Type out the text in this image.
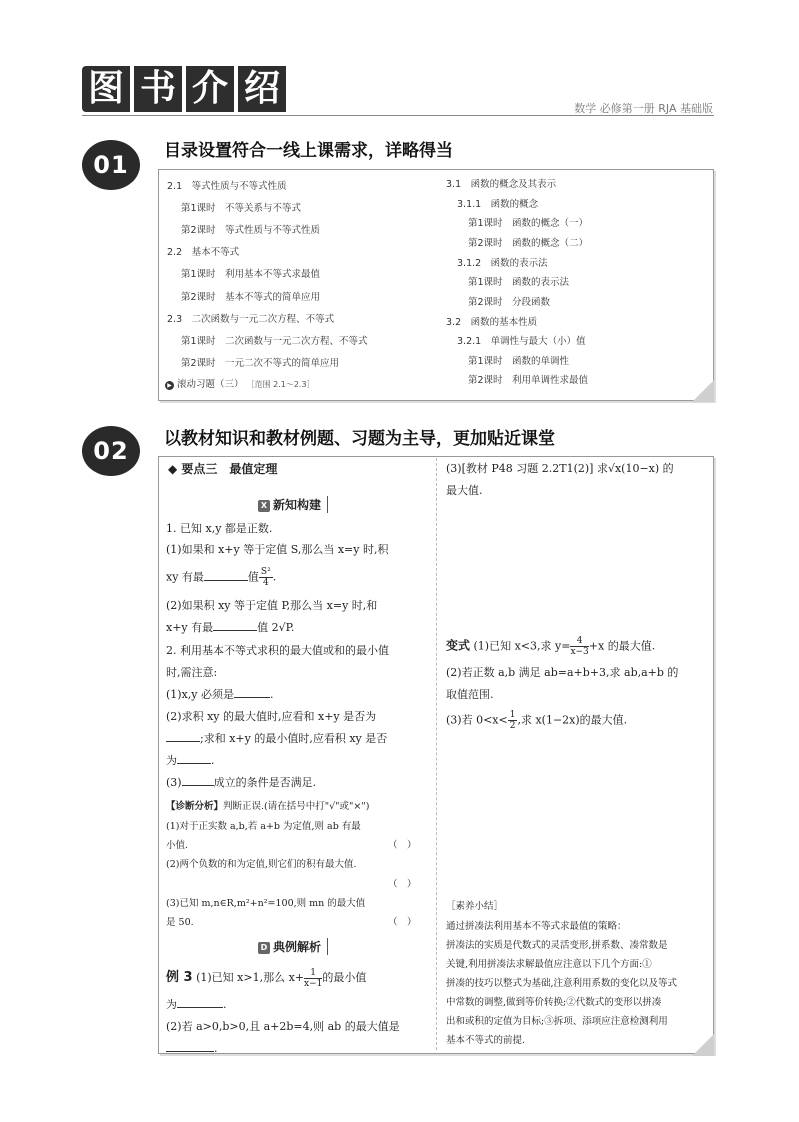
图 书 介 绍	数学 必修第一册 RJA 基础版
01	目录设置符合一线上课需求，详略得当
2.1　等式性质与不等式性质
第1课时　不等关系与不等式
第2课时　等式性质与不等式性质
2.2　基本不等式
第1课时　利用基本不等式求最值
第2课时　基本不等式的简单应用
2.3　二次函数与一元二次方程、不等式
第1课时　二次函数与一元二次方程、不等式
第2课时　一元二次不等式的简单应用
▶ 滚动习题（三） ［范围 2.1～2.3］
3.1　函数的概念及其表示
3.1.1　函数的概念
第1课时　函数的概念（一）
第2课时　函数的概念（二）
3.1.2　函数的表示法
第1课时　函数的表示法
第2课时　分段函数
3.2　函数的基本性质
3.2.1　单调性与最大（小）值
第1课时　函数的单调性
第2课时　利用单调性求最值
02	以教材知识和教材例题、习题为主导，更加贴近课堂
◆ 要点三　最值定理
X 新知构建
1. 已知 x,y 都是正数.
(1)如果和 x+y 等于定值 S,那么当 x=y 时,积
xy 有最	值 $\frac{\text{S²}}{4}$ .
(2)如果积 xy 等于定值 P,那么当 x=y 时,和
x+y 有最	值 2√P.
2. 利用基本不等式求积的最大值或和的最小值
时,需注意:
(1)x,y 必须是	.
(2)求积 xy 的最大值时,应看和 x+y 是否为
;求和 x+y 的最小值时,应看积 xy 是否
为	.
(3)	成立的条件是否满足.
【诊断分析】判断正误.(请在括号中打"√"或"×")
(1)对于正实数 a,b,若 a+b 为定值,则 ab 有最
小值.	（　）
(2)两个负数的和为定值,则它们的积有最大值.
（　）
(3)已知 m,n∈R,m²+n²=100,则 mn 的最大值
是 50.	（　）
D 典例解析
例 3 (1)已知 x>1,那么 $x+ \frac{1}{x-1}$ 的最小值
为	.
(2)若 a>0,b>0,且 a+2b=4,则 ab 的最大值是
.
(3)[教材 P48 习题 2.2T1(2)] 求√x(10−x) 的
最大值.
变式 (1)已知 x<3,求 $y= \frac{4}{x-3} +x$ 的最大值.
(2)若正数 a,b 满足 ab=a+b+3,求 ab,a+b 的
取值范围.
(3)若 $0<x< \frac{1}{2}$ ,求 x(1−2x)的最大值.
［素养小结］
通过拼凑法利用基本不等式求最值的策略：
拼凑法的实质是代数式的灵活变形,拼系数、凑常数是
关键,利用拼凑法求解最值应注意以下几个方面:①
拼凑的技巧以整式为基础,注意利用系数的变化以及等式
中常数的调整,做到等价转换;②代数式的变形以拼凑
出和或积的定值为目标;③拆项、添项应注意检测利用
基本不等式的前提.
